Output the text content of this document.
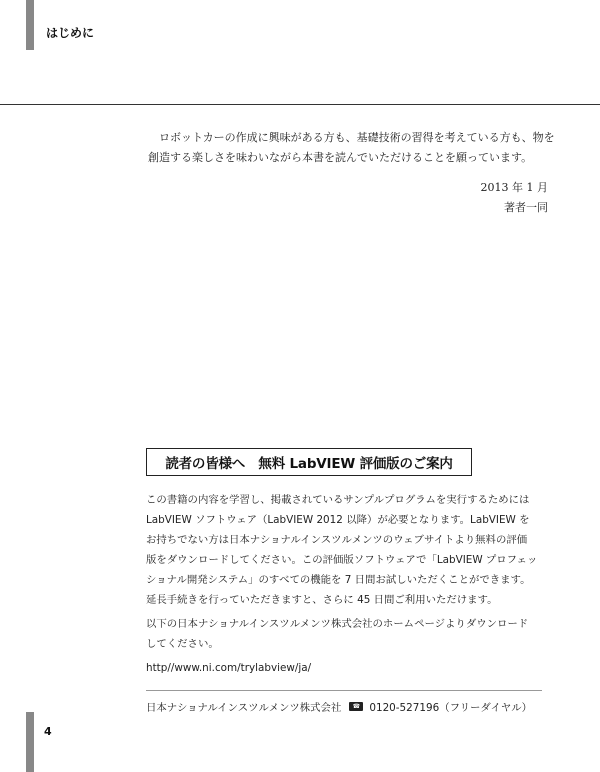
はじめに
ロボットカーの作成に興味がある方も、基礎技術の習得を考えている方も、物を
創造する楽しさを味わいながら本書を読んでいただけることを願っています。
2013 年 1 月
著者一同
読者の皆様へ　無料 LabVIEW 評価版のご案内
この書籍の内容を学習し、掲載されているサンプルプログラムを実行するためには
LabVIEW ソフトウェア（LabVIEW 2012 以降）が必要となります。LabVIEW を
お持ちでない方は日本ナショナルインスツルメンツのウェブサイトより無料の評価
版をダウンロードしてください。この評価版ソフトウェアで「LabVIEW プロフェッ
ショナル開発システム」のすべての機能を 7 日間お試しいただくことができます。
延長手続きを行っていただきますと、さらに 45 日間ご利用いただけます。
以下の日本ナショナルインスツルメンツ株式会社のホームページよりダウンロード
してください。
http//www.ni.com/trylabview/ja/
日本ナショナルインスツルメンツ株式会社	☎ 0120-527196（フリーダイヤル）
4
